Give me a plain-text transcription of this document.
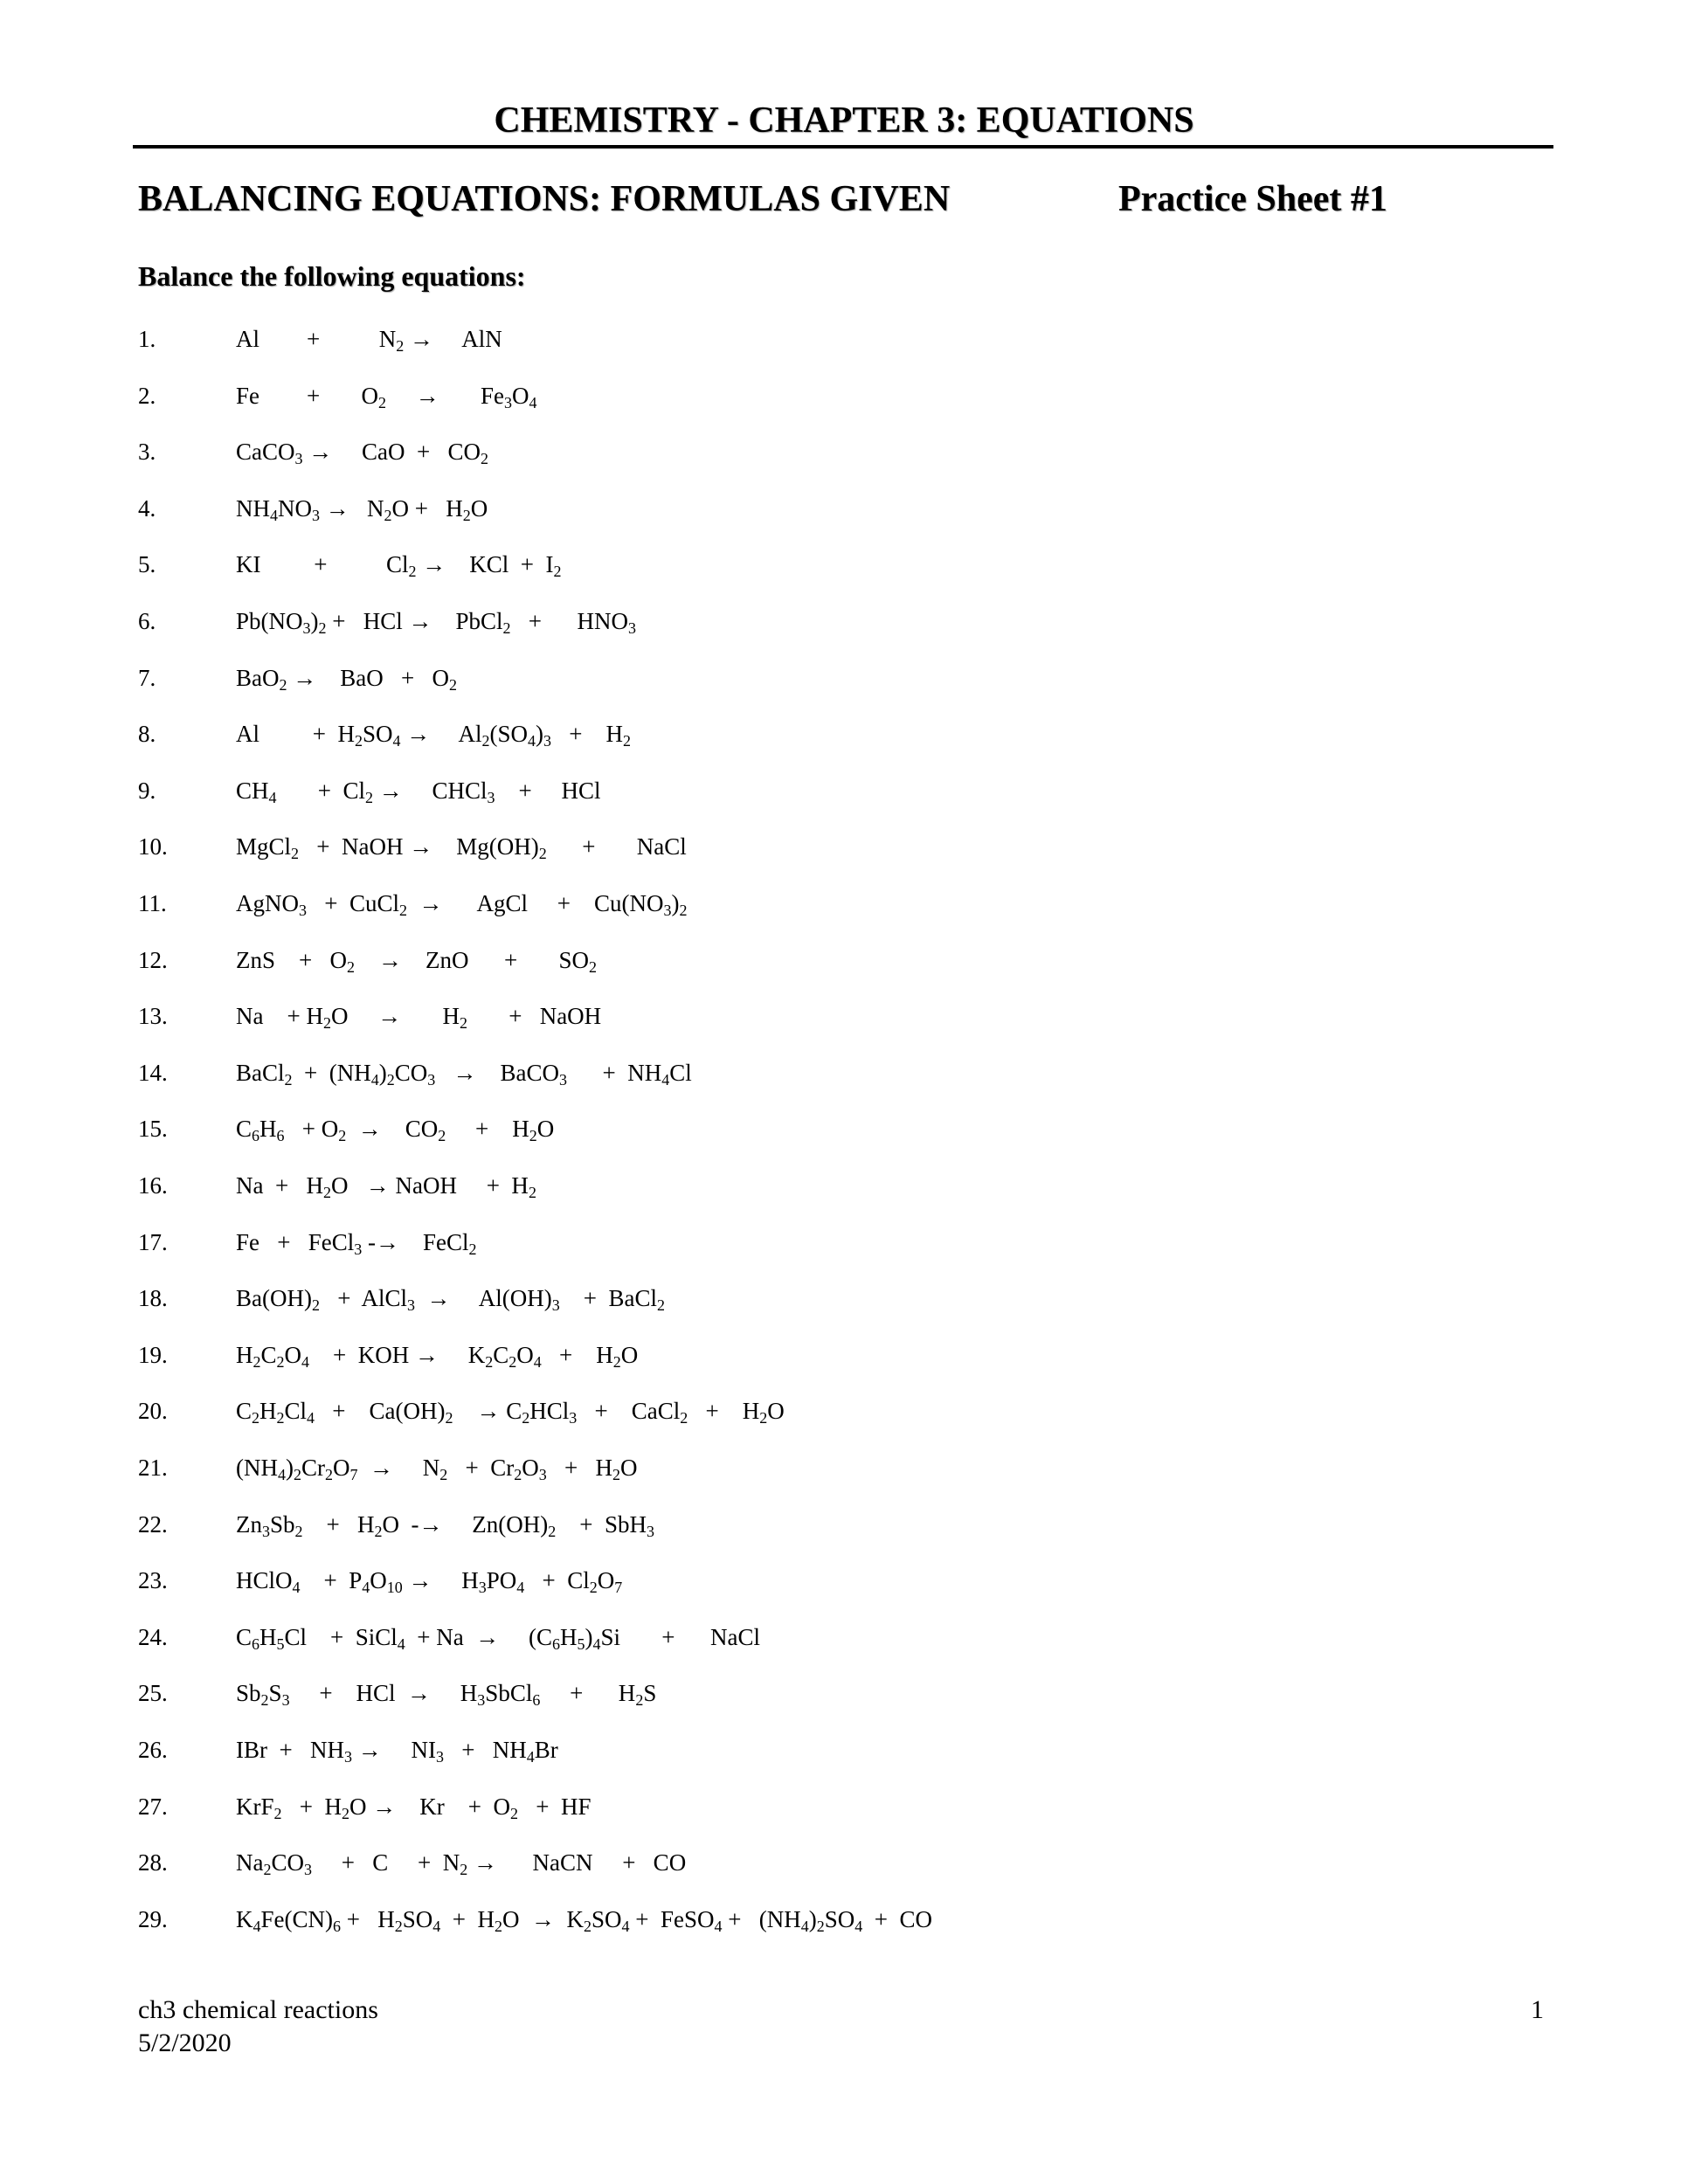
CHEMISTRY - CHAPTER 3: EQUATIONS
BALANCING EQUATIONS: FORMULAS GIVEN	Practice Sheet #1
Balance the following equations:
1.	Al        +          $N_2$ →     AlN
2.	Fe        +       $O_2$     →       $Fe_3O_4$
3.	CaCO$_3$ →     CaO  +   $CO_2$
4.	$NH_4NO_3 \to N_2O + H_2O$
5.	KI         +          $Cl_2$ →    KCl  +  $I_2$
6.	$Pb(NO_3)_2$ +   HCl →    PbCl$_2$   +      $HNO_3$
7.	BaO$_2$ →    BaO   +   $O_2$
8.	Al         +  $H_2SO_4$ →     $Al_2(SO_4)_3$   +    $H_2$
9.	$CH_4$       +  $Cl_2$ →     CHCl$_3$    +     HCl
10.	MgCl$_2$   +  NaOH →    $Mg(OH)_2$      +       NaCl
11.	AgNO$_3$   +  CuCl$_2$  →      AgCl     +    $Cu(NO_3)_2$
12.	ZnS    +   $O_2$    →    ZnO      +       $SO_2$
13.	Na    + $H_2O$     →       $H_2$       +   NaOH
14.	BaCl$_2$  +  $(NH_4)_2CO_3$   →    BaCO$_3$      +  $NH_4Cl$
15.	$C_6H_6 + O_2$  →    $CO_2$     +    $H_2O$
16.	$Na + H_2O$   → NaOH     +  $H_2$
17.	Fe   +   FeCl$_3$ -→    FeCl$_2$
18.	$Ba(OH)_2$   +  AlCl$_3$  →     $Al(OH)_3$    +  BaCl$_2$
19.	$H_2C_2O_4$    +  KOH →     $K_2C_2O_4$   +    $H_2O$
20.	$C_2H_2Cl_4$   +    $Ca(OH)_2$    → $C_2HCl_3$   +    CaCl$_2$   +    $H_2O$
21.	$(NH_4)_2Cr_2O_7$  →     $N_2 + Cr_2O_3 + H_2O$
22.	$Zn_3Sb_2$    +   $H_2O$  -→     $Zn(OH)_2$    +  SbH$_3$
23.	HClO$_4$    +  $P_4O_{10}$ →     $H_3PO_4 + Cl_2O_7$
24.	$C_6H_5Cl$    +  SiCl$_4$  + Na  →     $(C_6H_5)_4Si$       +      NaCl
25.	$Sb_2S_3$     +    HCl  →     $H_3SbCl_6$     +      $H_2S$
26.	IBr  +   $NH_3$ →     $NI_3 + NH_4Br$
27.	$KrF_2 + H_2O$ →    Kr    +  $O_2$   +  HF
28.	$Na_2CO_3$     +   C     +  $N_2$ →      NaCN     +   CO
29.	$K_4Fe(CN)_6 + H_2SO_4 + H_2O \to K_2SO_4$ +  FeSO$_4$ +   $(NH_4)_2SO_4$  +  CO
ch3 chemical reactions
5/2/2020
1
